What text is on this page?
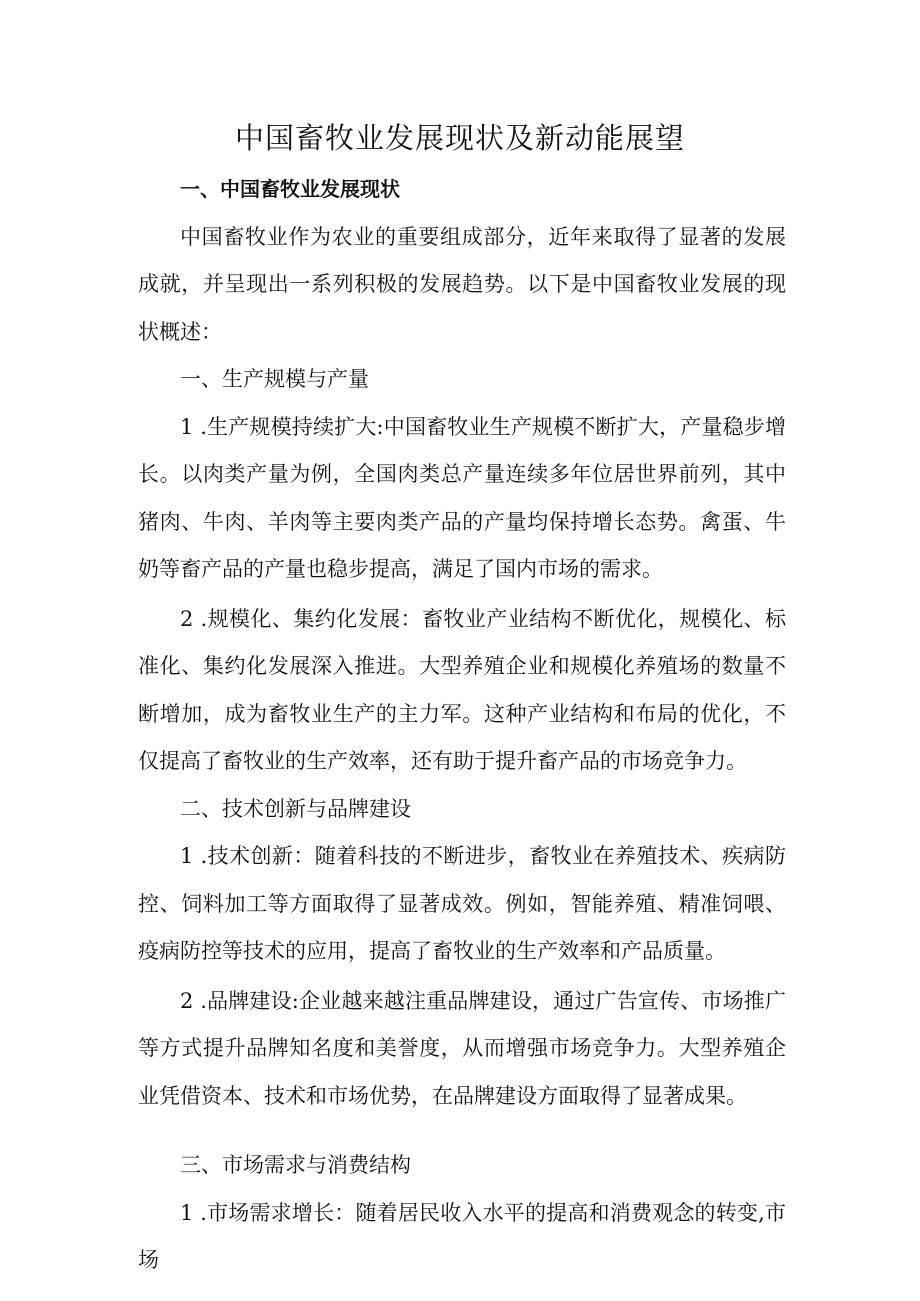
中国畜牧业发展现状及新动能展望

一、中国畜牧业发展现状

中国畜牧业作为农业的重要组成部分，近年来取得了显著的发展成就，并呈现出一系列积极的发展趋势。以下是中国畜牧业发展的现状概述：

一、生产规模与产量

1 .生产规模持续扩大:中国畜牧业生产规模不断扩大，产量稳步增长。以肉类产量为例，全国肉类总产量连续多年位居世界前列，其中猪肉、牛肉、羊肉等主要肉类产品的产量均保持增长态势。禽蛋、牛奶等畜产品的产量也稳步提高，满足了国内市场的需求。

2 .规模化、集约化发展：畜牧业产业结构不断优化，规模化、标准化、集约化发展深入推进。大型养殖企业和规模化养殖场的数量不断增加，成为畜牧业生产的主力军。这种产业结构和布局的优化，不仅提高了畜牧业的生产效率，还有助于提升畜产品的市场竞争力。

二、技术创新与品牌建设

1 .技术创新：随着科技的不断进步，畜牧业在养殖技术、疾病防控、饲料加工等方面取得了显著成效。例如，智能养殖、精准饲喂、疫病防控等技术的应用，提高了畜牧业的生产效率和产品质量。

2 .品牌建设:企业越来越注重品牌建设，通过广告宣传、市场推广等方式提升品牌知名度和美誉度，从而增强市场竞争力。大型养殖企业凭借资本、技术和市场优势，在品牌建设方面取得了显著成果。

三、市场需求与消费结构

1 .市场需求增长：随着居民收入水平的提高和消费观念的转变,市场
